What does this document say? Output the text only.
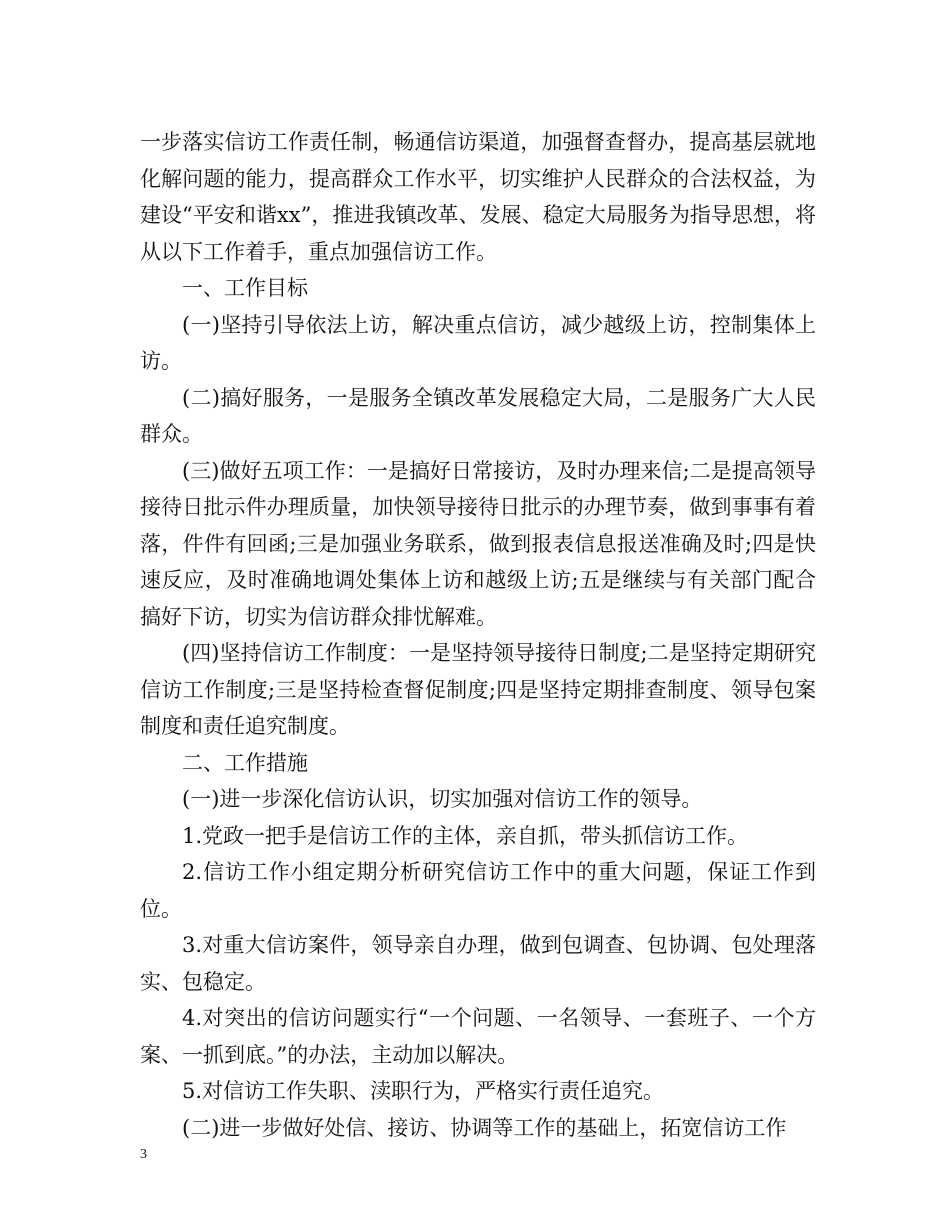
一步落实信访工作责任制，畅通信访渠道，加强督查督办，提高基层就地化解问题的能力，提高群众工作水平，切实维护人民群众的合法权益，为建设“平安和谐xx”，推进我镇改革、发展、稳定大局服务为指导思想，将从以下工作着手，重点加强信访工作。

一、工作目标

(一)坚持引导依法上访，解决重点信访，减少越级上访，控制集体上访。

(二)搞好服务，一是服务全镇改革发展稳定大局，二是服务广大人民群众。

(三)做好五项工作：一是搞好日常接访，及时办理来信;二是提高领导接待日批示件办理质量，加快领导接待日批示的办理节奏，做到事事有着落，件件有回函;三是加强业务联系，做到报表信息报送准确及时;四是快速反应，及时准确地调处集体上访和越级上访;五是继续与有关部门配合搞好下访，切实为信访群众排忧解难。

(四)坚持信访工作制度：一是坚持领导接待日制度;二是坚持定期研究信访工作制度;三是坚持检查督促制度;四是坚持定期排查制度、领导包案制度和责任追究制度。

二、工作措施

(一)进一步深化信访认识，切实加强对信访工作的领导。

1.党政一把手是信访工作的主体，亲自抓，带头抓信访工作。

2.信访工作小组定期分析研究信访工作中的重大问题，保证工作到位。

3.对重大信访案件，领导亲自办理，做到包调查、包协调、包处理落实、包稳定。

4.对突出的信访问题实行“一个问题、一名领导、一套班子、一个方案、一抓到底。”的办法，主动加以解决。

5.对信访工作失职、渎职行为，严格实行责任追究。

(二)进一步做好处信、接访、协调等工作的基础上，拓宽信访工作

3
